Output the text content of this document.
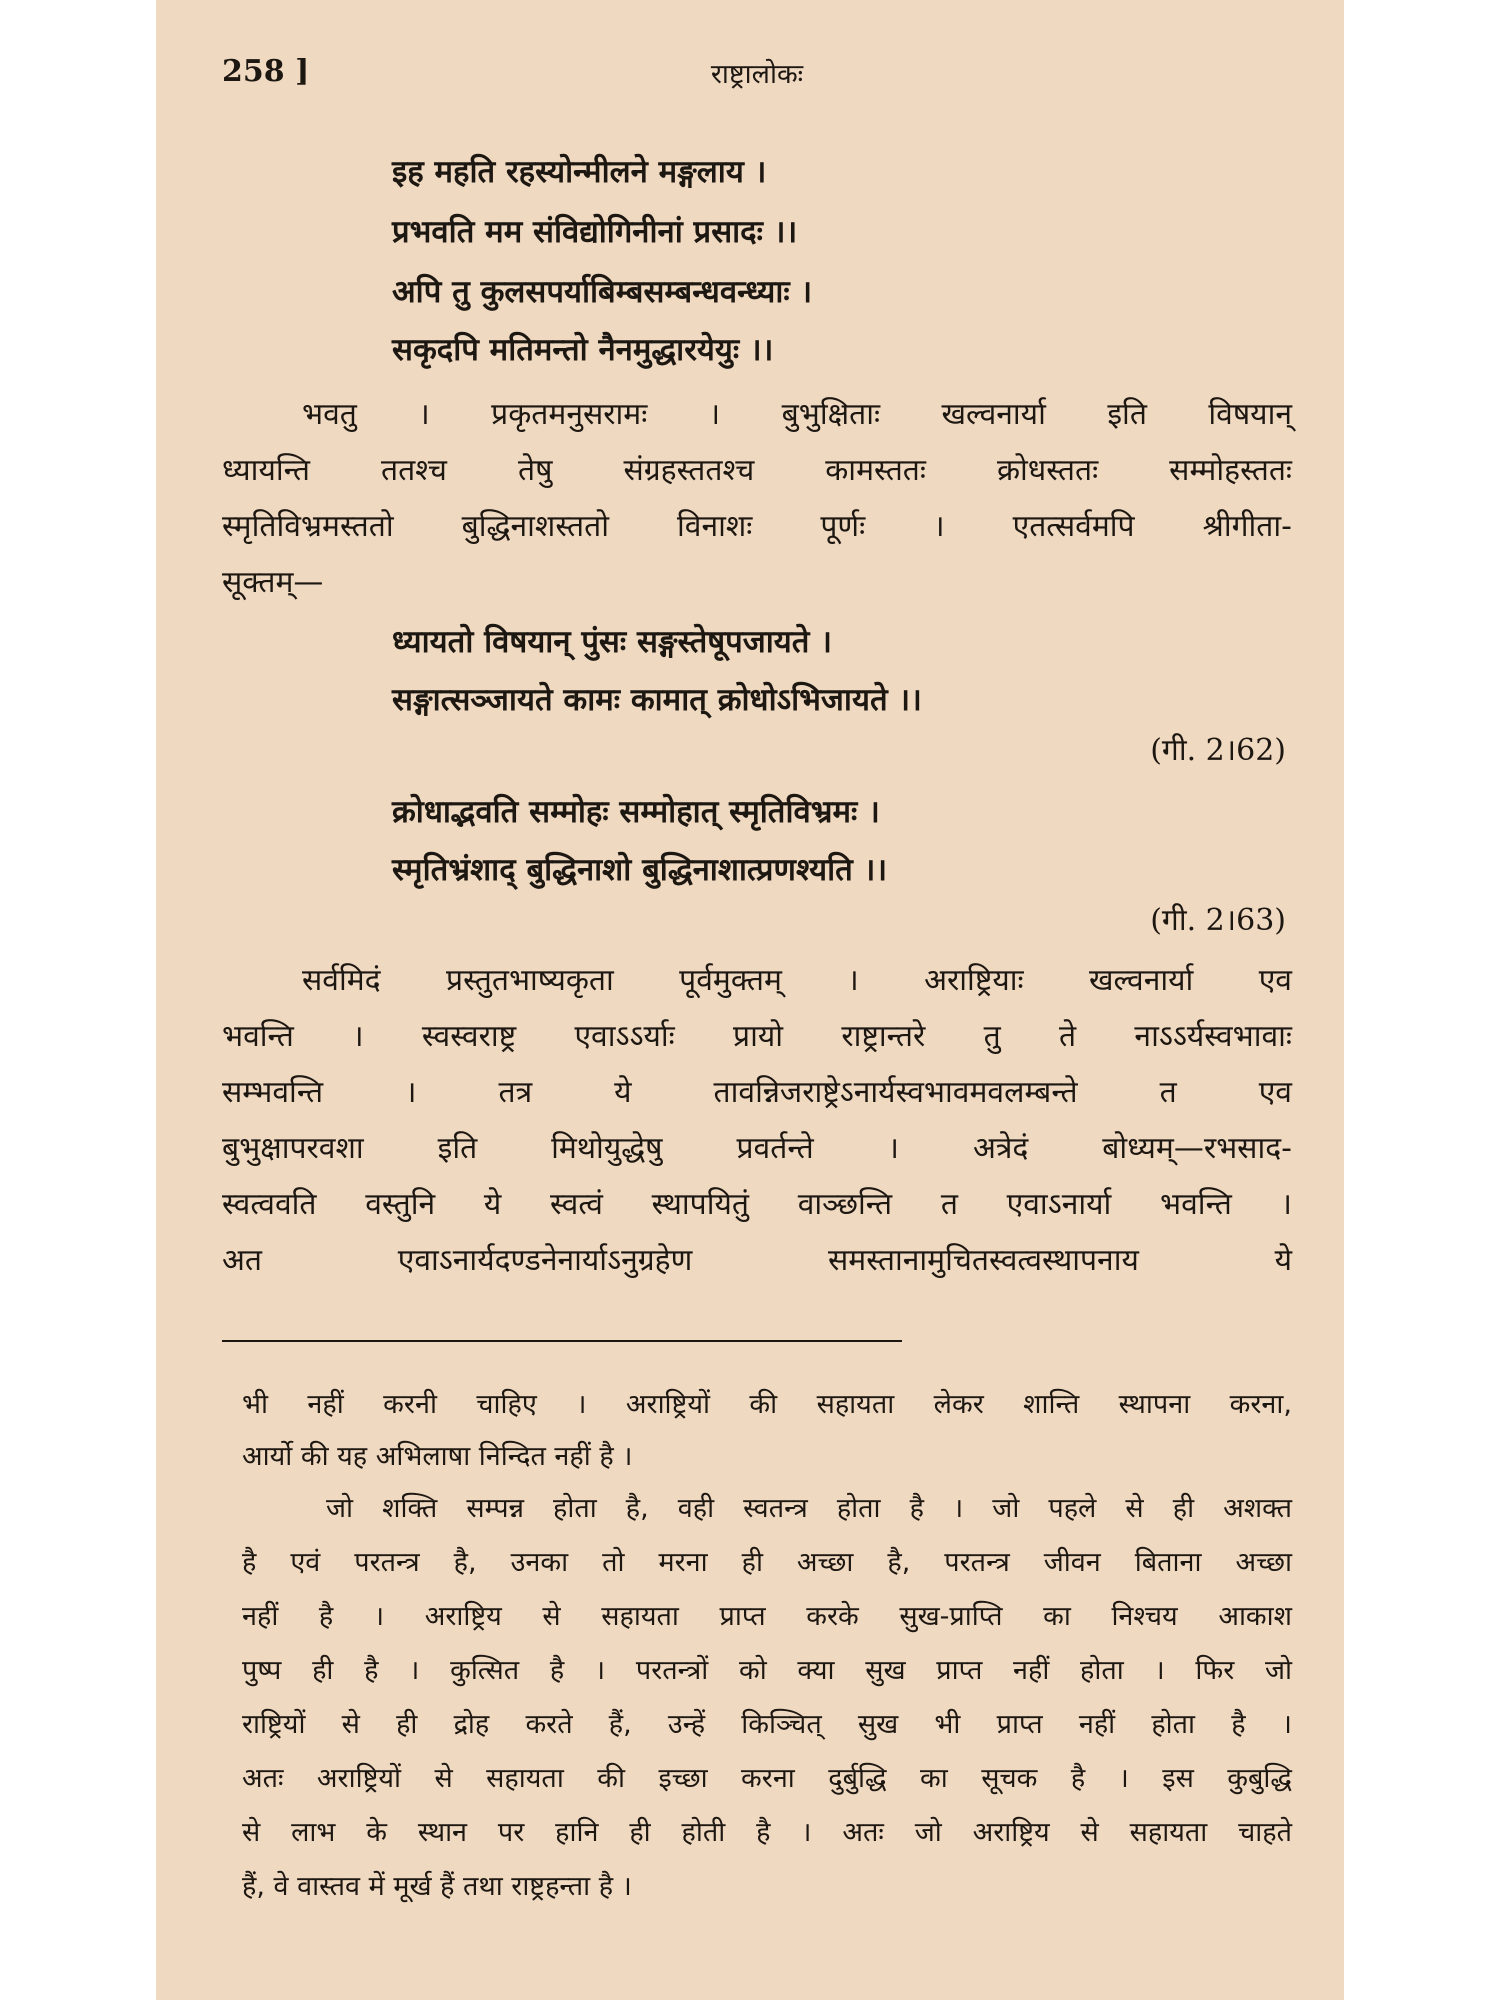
258 ]	राष्ट्रालोकः
इह महति रहस्योन्मीलने मङ्गलाय ।
प्रभवति मम संविद्योगिनीनां प्रसादः ।।
अपि तु कुलसपर्याबिम्बसम्बन्धवन्ध्याः ।
सकृदपि मतिमन्तो नैनमुद्धारयेयुः ।।
भवतु । प्रकृतमनुसरामः । बुभुक्षिताः खल्वनार्या इति विषयान्
ध्यायन्ति ततश्च तेषु संग्रहस्ततश्च कामस्ततः क्रोधस्ततः सम्मोहस्ततः
स्मृतिविभ्रमस्ततो बुद्धिनाशस्ततो विनाशः पूर्णः । एतत्सर्वमपि श्रीगीता-
सूक्तम्—
ध्यायतो विषयान् पुंसः सङ्गस्तेषूपजायते ।
सङ्गात्सञ्जायते कामः कामात् क्रोधोऽभिजायते ।।
(गी. 2।62)
क्रोधाद्भवति सम्मोहः सम्मोहात् स्मृतिविभ्रमः ।
स्मृतिभ्रंशाद् बुद्धिनाशो बुद्धिनाशात्प्रणश्यति ।।
(गी. 2।63)
सर्वमिदं प्रस्तुतभाष्यकृता पूर्वमुक्तम् । अराष्ट्रियाः खल्वनार्या एव
भवन्ति । स्वस्वराष्ट्र एवाऽऽर्याः प्रायो राष्ट्रान्तरे तु ते नाऽऽर्यस्वभावाः
सम्भवन्ति । तत्र ये तावन्निजराष्ट्रेऽनार्यस्वभावमवलम्बन्ते त एव
बुभुक्षापरवशा इति मिथोयुद्धेषु प्रवर्तन्ते । अत्रेदं बोध्यम्—रभसाद-
स्वत्ववति वस्तुनि ये स्वत्वं स्थापयितुं वाञ्छन्ति त एवाऽनार्या भवन्ति ।
अत एवाऽनार्यदण्डनेनार्याऽनुग्रहेण समस्तानामुचितस्वत्वस्थापनाय ये
भी नहीं करनी चाहिए । अराष्ट्रियों की सहायता लेकर शान्ति स्थापना करना,
आर्यो की यह अभिलाषा निन्दित नहीं है ।
जो शक्ति सम्पन्न होता है, वही स्वतन्त्र होता है । जो पहले से ही अशक्त
है एवं परतन्त्र है, उनका तो मरना ही अच्छा है, परतन्त्र जीवन बिताना अच्छा
नहीं है । अराष्ट्रिय से सहायता प्राप्त करके सुख-प्राप्ति का निश्चय आकाश
पुष्प ही है । कुत्सित है । परतन्त्रों को क्या सुख प्राप्त नहीं होता । फिर जो
राष्ट्रियों से ही द्रोह करते हैं, उन्हें किञ्चित् सुख भी प्राप्त नहीं होता है ।
अतः अराष्ट्रियों से सहायता की इच्छा करना दुर्बुद्धि का सूचक है । इस कुबुद्धि
से लाभ के स्थान पर हानि ही होती है । अतः जो अराष्ट्रिय से सहायता चाहते
हैं, वे वास्तव में मूर्ख हैं तथा राष्ट्रहन्ता है ।
